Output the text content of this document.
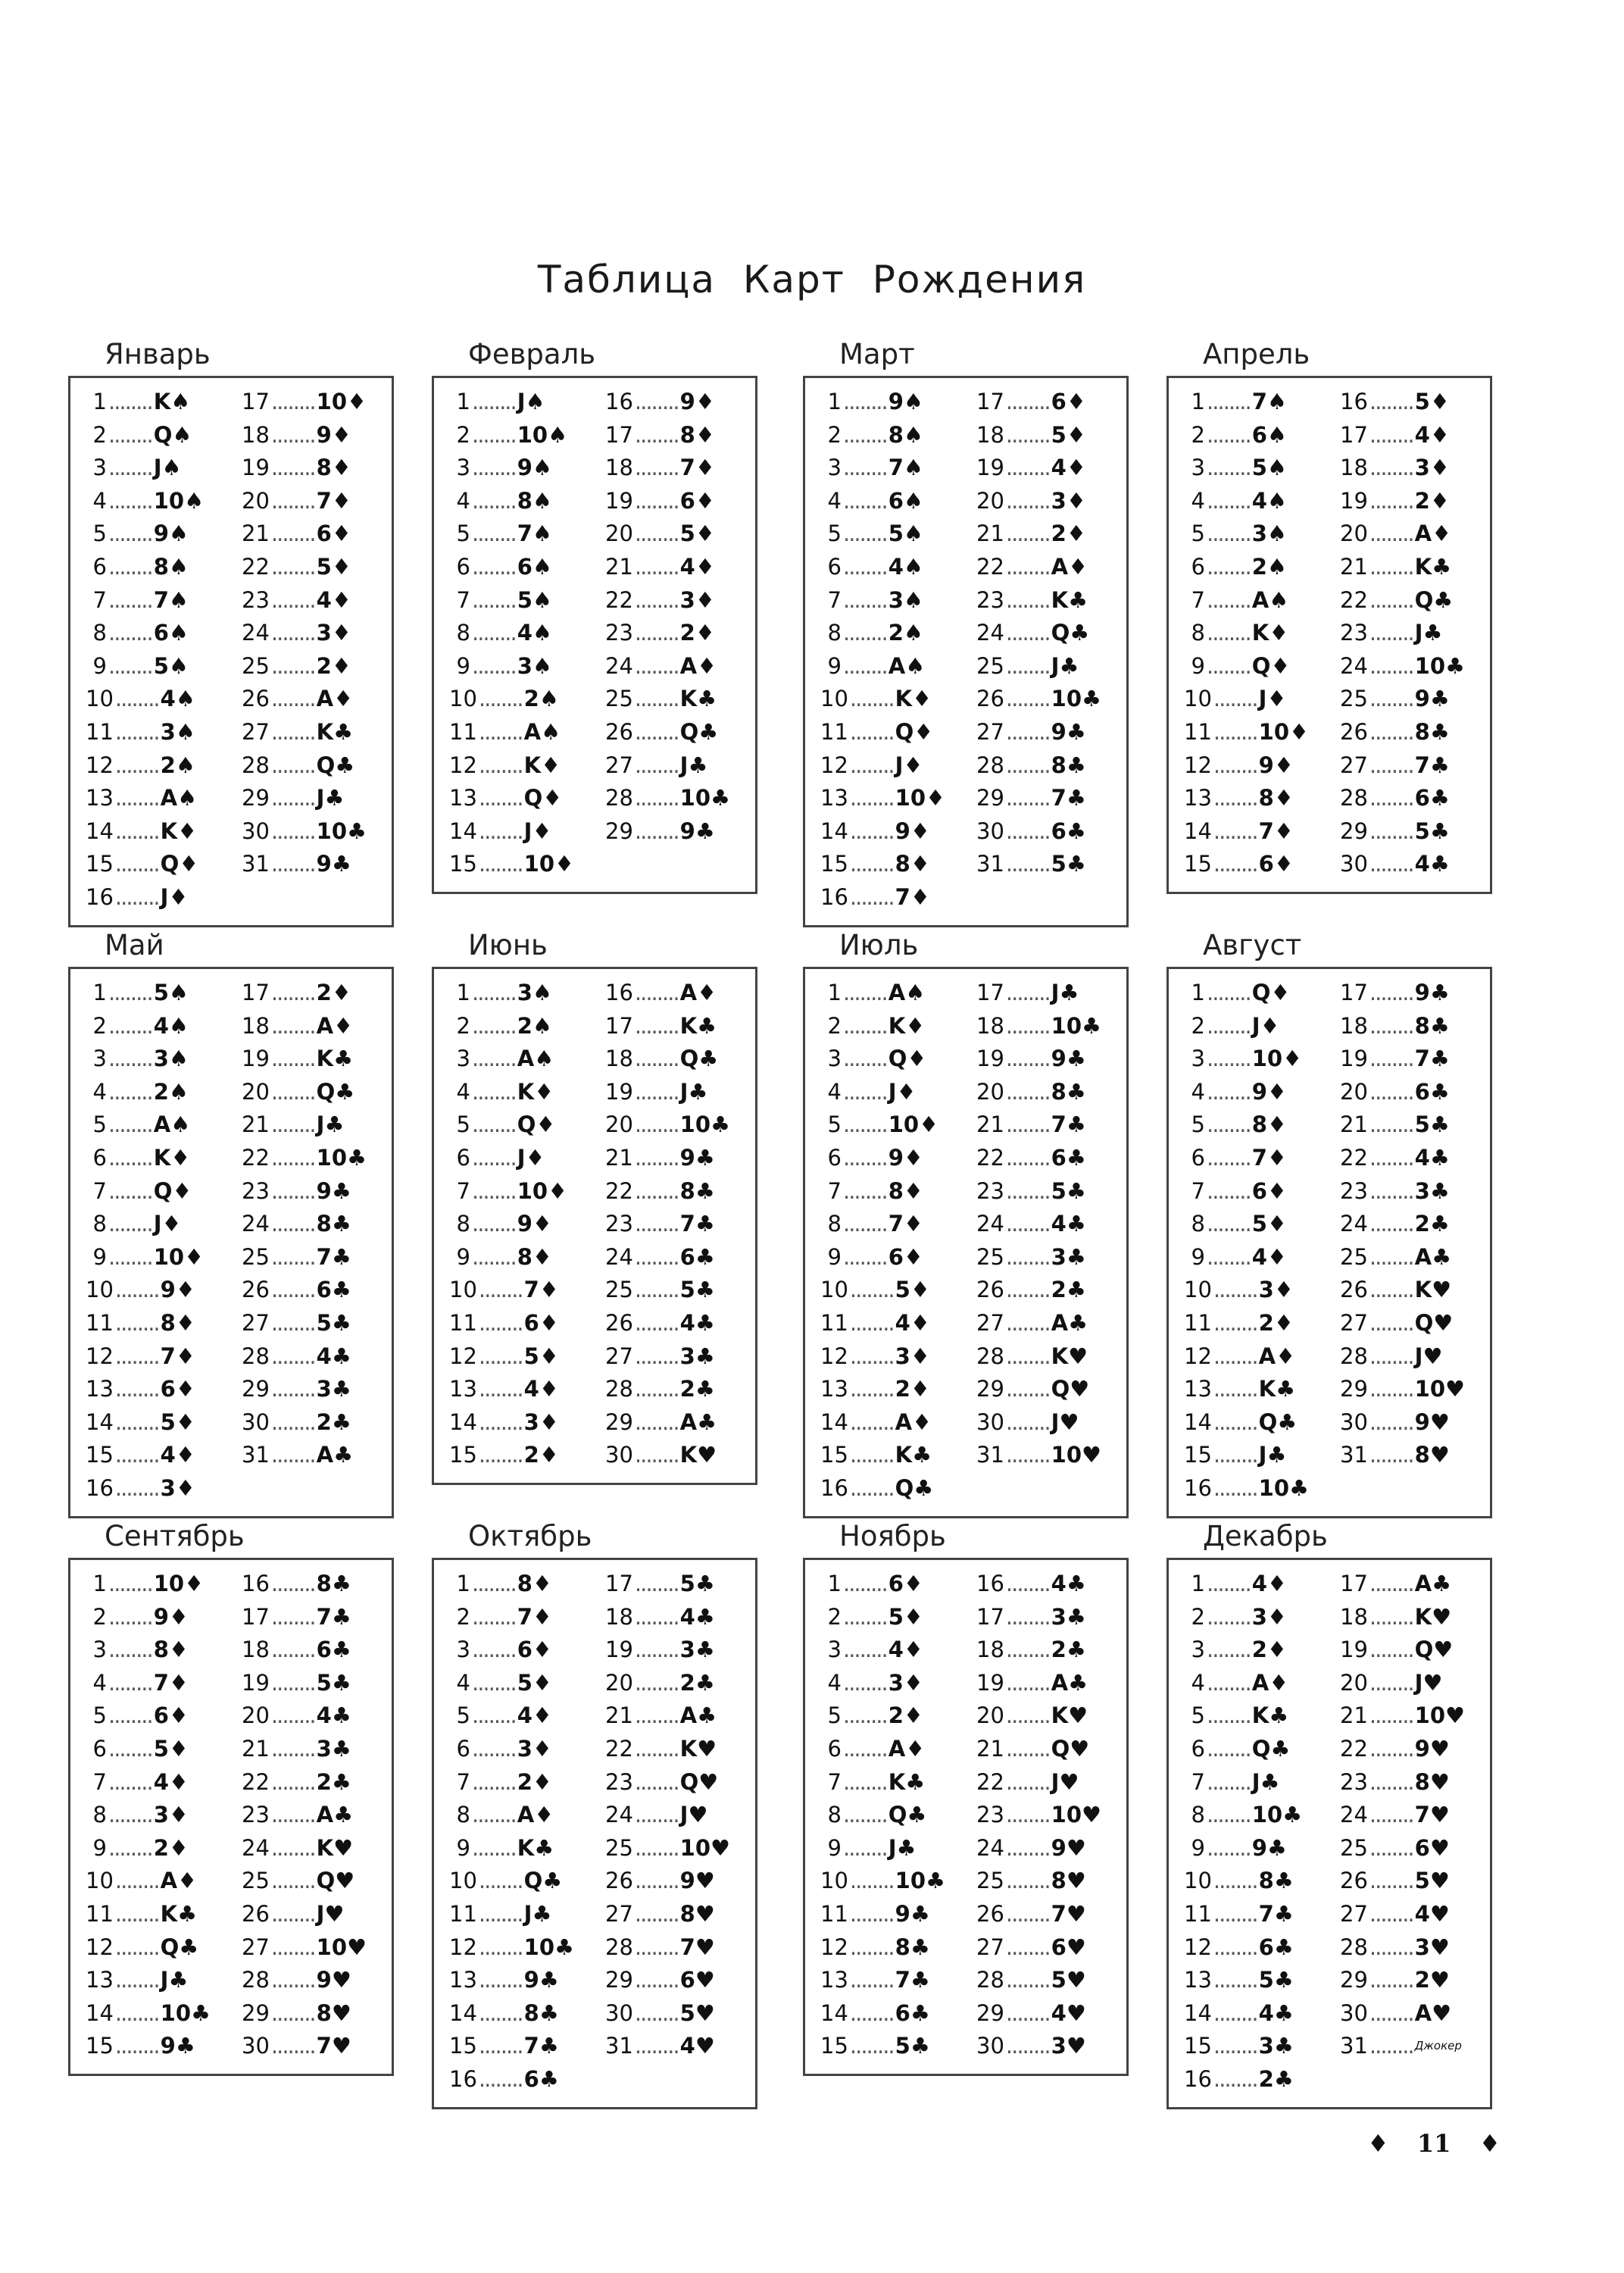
Таблица Карт Рождения
Январь
1 ........ K♠
2 ........ Q♠
3 ........ J♠
4 ........ 10♠
5 ........ 9♠
6 ........ 8♠
7 ........ 7♠
8 ........ 6♠
9 ........ 5♠
10 ........ 4♠
11 ........ 3♠
12 ........ 2♠
13 ........ A♠
14 ........ K♦
15 ........ Q♦
16 ........ J♦
17 ........ 10♦
18 ........ 9♦
19 ........ 8♦
20 ........ 7♦
21 ........ 6♦
22 ........ 5♦
23 ........ 4♦
24 ........ 3♦
25 ........ 2♦
26 ........ A♦
27 ........ K♣
28 ........ Q♣
29 ........ J♣
30 ........ 10♣
31 ........ 9♣
Февраль
1 ........ J♠
2 ........ 10♠
3 ........ 9♠
4 ........ 8♠
5 ........ 7♠
6 ........ 6♠
7 ........ 5♠
8 ........ 4♠
9 ........ 3♠
10 ........ 2♠
11 ........ A♠
12 ........ K♦
13 ........ Q♦
14 ........ J♦
15 ........ 10♦
16 ........ 9♦
17 ........ 8♦
18 ........ 7♦
19 ........ 6♦
20 ........ 5♦
21 ........ 4♦
22 ........ 3♦
23 ........ 2♦
24 ........ A♦
25 ........ K♣
26 ........ Q♣
27 ........ J♣
28 ........ 10♣
29 ........ 9♣
Март
1 ........ 9♠
2 ........ 8♠
3 ........ 7♠
4 ........ 6♠
5 ........ 5♠
6 ........ 4♠
7 ........ 3♠
8 ........ 2♠
9 ........ A♠
10 ........ K♦
11 ........ Q♦
12 ........ J♦
13 ........ 10♦
14 ........ 9♦
15 ........ 8♦
16 ........ 7♦
17 ........ 6♦
18 ........ 5♦
19 ........ 4♦
20 ........ 3♦
21 ........ 2♦
22 ........ A♦
23 ........ K♣
24 ........ Q♣
25 ........ J♣
26 ........ 10♣
27 ........ 9♣
28 ........ 8♣
29 ........ 7♣
30 ........ 6♣
31 ........ 5♣
Апрель
1 ........ 7♠
2 ........ 6♠
3 ........ 5♠
4 ........ 4♠
5 ........ 3♠
6 ........ 2♠
7 ........ A♠
8 ........ K♦
9 ........ Q♦
10 ........ J♦
11 ........ 10♦
12 ........ 9♦
13 ........ 8♦
14 ........ 7♦
15 ........ 6♦
16 ........ 5♦
17 ........ 4♦
18 ........ 3♦
19 ........ 2♦
20 ........ A♦
21 ........ K♣
22 ........ Q♣
23 ........ J♣
24 ........ 10♣
25 ........ 9♣
26 ........ 8♣
27 ........ 7♣
28 ........ 6♣
29 ........ 5♣
30 ........ 4♣
Май
1 ........ 5♠
2 ........ 4♠
3 ........ 3♠
4 ........ 2♠
5 ........ A♠
6 ........ K♦
7 ........ Q♦
8 ........ J♦
9 ........ 10♦
10 ........ 9♦
11 ........ 8♦
12 ........ 7♦
13 ........ 6♦
14 ........ 5♦
15 ........ 4♦
16 ........ 3♦
17 ........ 2♦
18 ........ A♦
19 ........ K♣
20 ........ Q♣
21 ........ J♣
22 ........ 10♣
23 ........ 9♣
24 ........ 8♣
25 ........ 7♣
26 ........ 6♣
27 ........ 5♣
28 ........ 4♣
29 ........ 3♣
30 ........ 2♣
31 ........ A♣
Июнь
1 ........ 3♠
2 ........ 2♠
3 ........ A♠
4 ........ K♦
5 ........ Q♦
6 ........ J♦
7 ........ 10♦
8 ........ 9♦
9 ........ 8♦
10 ........ 7♦
11 ........ 6♦
12 ........ 5♦
13 ........ 4♦
14 ........ 3♦
15 ........ 2♦
16 ........ A♦
17 ........ K♣
18 ........ Q♣
19 ........ J♣
20 ........ 10♣
21 ........ 9♣
22 ........ 8♣
23 ........ 7♣
24 ........ 6♣
25 ........ 5♣
26 ........ 4♣
27 ........ 3♣
28 ........ 2♣
29 ........ A♣
30 ........ K♥
Июль
1 ........ A♠
2 ........ K♦
3 ........ Q♦
4 ........ J♦
5 ........ 10♦
6 ........ 9♦
7 ........ 8♦
8 ........ 7♦
9 ........ 6♦
10 ........ 5♦
11 ........ 4♦
12 ........ 3♦
13 ........ 2♦
14 ........ A♦
15 ........ K♣
16 ........ Q♣
17 ........ J♣
18 ........ 10♣
19 ........ 9♣
20 ........ 8♣
21 ........ 7♣
22 ........ 6♣
23 ........ 5♣
24 ........ 4♣
25 ........ 3♣
26 ........ 2♣
27 ........ A♣
28 ........ K♥
29 ........ Q♥
30 ........ J♥
31 ........ 10♥
Август
1 ........ Q♦
2 ........ J♦
3 ........ 10♦
4 ........ 9♦
5 ........ 8♦
6 ........ 7♦
7 ........ 6♦
8 ........ 5♦
9 ........ 4♦
10 ........ 3♦
11 ........ 2♦
12 ........ A♦
13 ........ K♣
14 ........ Q♣
15 ........ J♣
16 ........ 10♣
17 ........ 9♣
18 ........ 8♣
19 ........ 7♣
20 ........ 6♣
21 ........ 5♣
22 ........ 4♣
23 ........ 3♣
24 ........ 2♣
25 ........ A♣
26 ........ K♥
27 ........ Q♥
28 ........ J♥
29 ........ 10♥
30 ........ 9♥
31 ........ 8♥
Сентябрь
1 ........ 10♦
2 ........ 9♦
3 ........ 8♦
4 ........ 7♦
5 ........ 6♦
6 ........ 5♦
7 ........ 4♦
8 ........ 3♦
9 ........ 2♦
10 ........ A♦
11 ........ K♣
12 ........ Q♣
13 ........ J♣
14 ........ 10♣
15 ........ 9♣
16 ........ 8♣
17 ........ 7♣
18 ........ 6♣
19 ........ 5♣
20 ........ 4♣
21 ........ 3♣
22 ........ 2♣
23 ........ A♣
24 ........ K♥
25 ........ Q♥
26 ........ J♥
27 ........ 10♥
28 ........ 9♥
29 ........ 8♥
30 ........ 7♥
Октябрь
1 ........ 8♦
2 ........ 7♦
3 ........ 6♦
4 ........ 5♦
5 ........ 4♦
6 ........ 3♦
7 ........ 2♦
8 ........ A♦
9 ........ K♣
10 ........ Q♣
11 ........ J♣
12 ........ 10♣
13 ........ 9♣
14 ........ 8♣
15 ........ 7♣
16 ........ 6♣
17 ........ 5♣
18 ........ 4♣
19 ........ 3♣
20 ........ 2♣
21 ........ A♣
22 ........ K♥
23 ........ Q♥
24 ........ J♥
25 ........ 10♥
26 ........ 9♥
27 ........ 8♥
28 ........ 7♥
29 ........ 6♥
30 ........ 5♥
31 ........ 4♥
Ноябрь
1 ........ 6♦
2 ........ 5♦
3 ........ 4♦
4 ........ 3♦
5 ........ 2♦
6 ........ A♦
7 ........ K♣
8 ........ Q♣
9 ........ J♣
10 ........ 10♣
11 ........ 9♣
12 ........ 8♣
13 ........ 7♣
14 ........ 6♣
15 ........ 5♣
16 ........ 4♣
17 ........ 3♣
18 ........ 2♣
19 ........ A♣
20 ........ K♥
21 ........ Q♥
22 ........ J♥
23 ........ 10♥
24 ........ 9♥
25 ........ 8♥
26 ........ 7♥
27 ........ 6♥
28 ........ 5♥
29 ........ 4♥
30 ........ 3♥
Декабрь
1 ........ 4♦
2 ........ 3♦
3 ........ 2♦
4 ........ A♦
5 ........ K♣
6 ........ Q♣
7 ........ J♣
8 ........ 10♣
9 ........ 9♣
10 ........ 8♣
11 ........ 7♣
12 ........ 6♣
13 ........ 5♣
14 ........ 4♣
15 ........ 3♣
16 ........ 2♣
17 ........ A♣
18 ........ K♥
19 ........ Q♥
20 ........ J♥
21 ........ 10♥
22 ........ 9♥
23 ........ 8♥
24 ........ 7♥
25 ........ 6♥
26 ........ 5♥
27 ........ 4♥
28 ........ 3♥
29 ........ 2♥
30 ........ A♥
31 ........ Джокер
♦ 11 ♦
